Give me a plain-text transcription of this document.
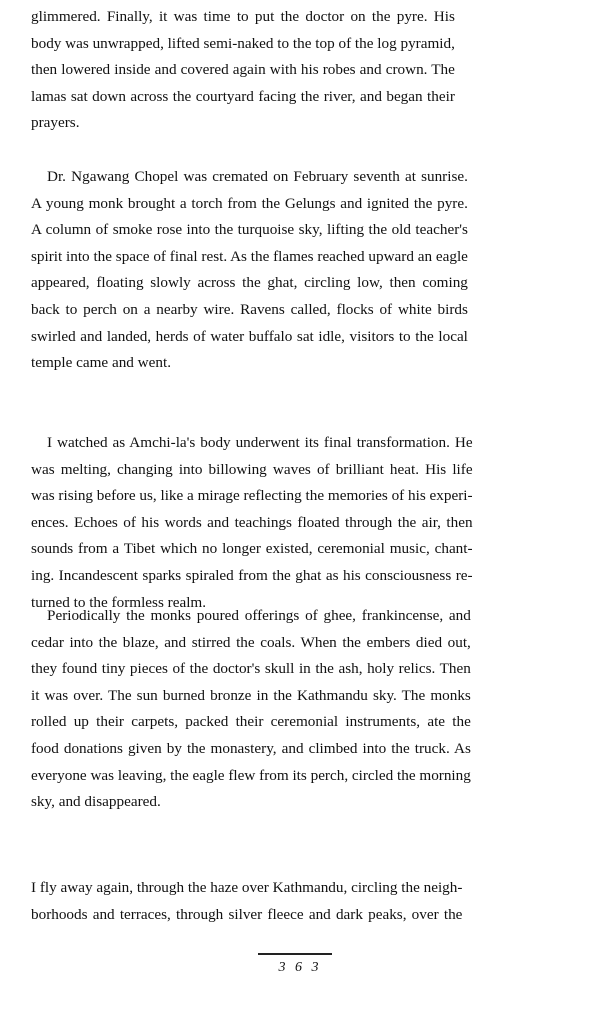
glimmered. Finally, it was time to put the doctor on the pyre. His
body was unwrapped, lifted semi-naked to the top of the log pyramid,
then lowered inside and covered again with his robes and crown. The
lamas sat down across the courtyard facing the river, and began their
prayers.

Dr. Ngawang Chopel was cremated on February seventh at sunrise.
A young monk brought a torch from the Gelungs and ignited the pyre.
A column of smoke rose into the turquoise sky, lifting the old teacher's
spirit into the space of final rest. As the flames reached upward an eagle
appeared, floating slowly across the ghat, circling low, then coming
back to perch on a nearby wire. Ravens called, flocks of white birds
swirled and landed, herds of water buffalo sat idle, visitors to the local
temple came and went.

I watched as Amchi-la's body underwent its final transformation. He
was melting, changing into billowing waves of brilliant heat. His life
was rising before us, like a mirage reflecting the memories of his experi-
ences. Echoes of his words and teachings floated through the air, then
sounds from a Tibet which no longer existed, ceremonial music, chant-
ing. Incandescent sparks spiraled from the ghat as his consciousness re-
turned to the formless realm.

Periodically the monks poured offerings of ghee, frankincense, and
cedar into the blaze, and stirred the coals. When the embers died out,
they found tiny pieces of the doctor's skull in the ash, holy relics. Then
it was over. The sun burned bronze in the Kathmandu sky. The monks
rolled up their carpets, packed their ceremonial instruments, ate the
food donations given by the monastery, and climbed into the truck. As
everyone was leaving, the eagle flew from its perch, circled the morning
sky, and disappeared.

I fly away again, through the haze over Kathmandu, circling the neigh-
borhoods and terraces, through silver fleece and dark peaks, over the

3 6 3
